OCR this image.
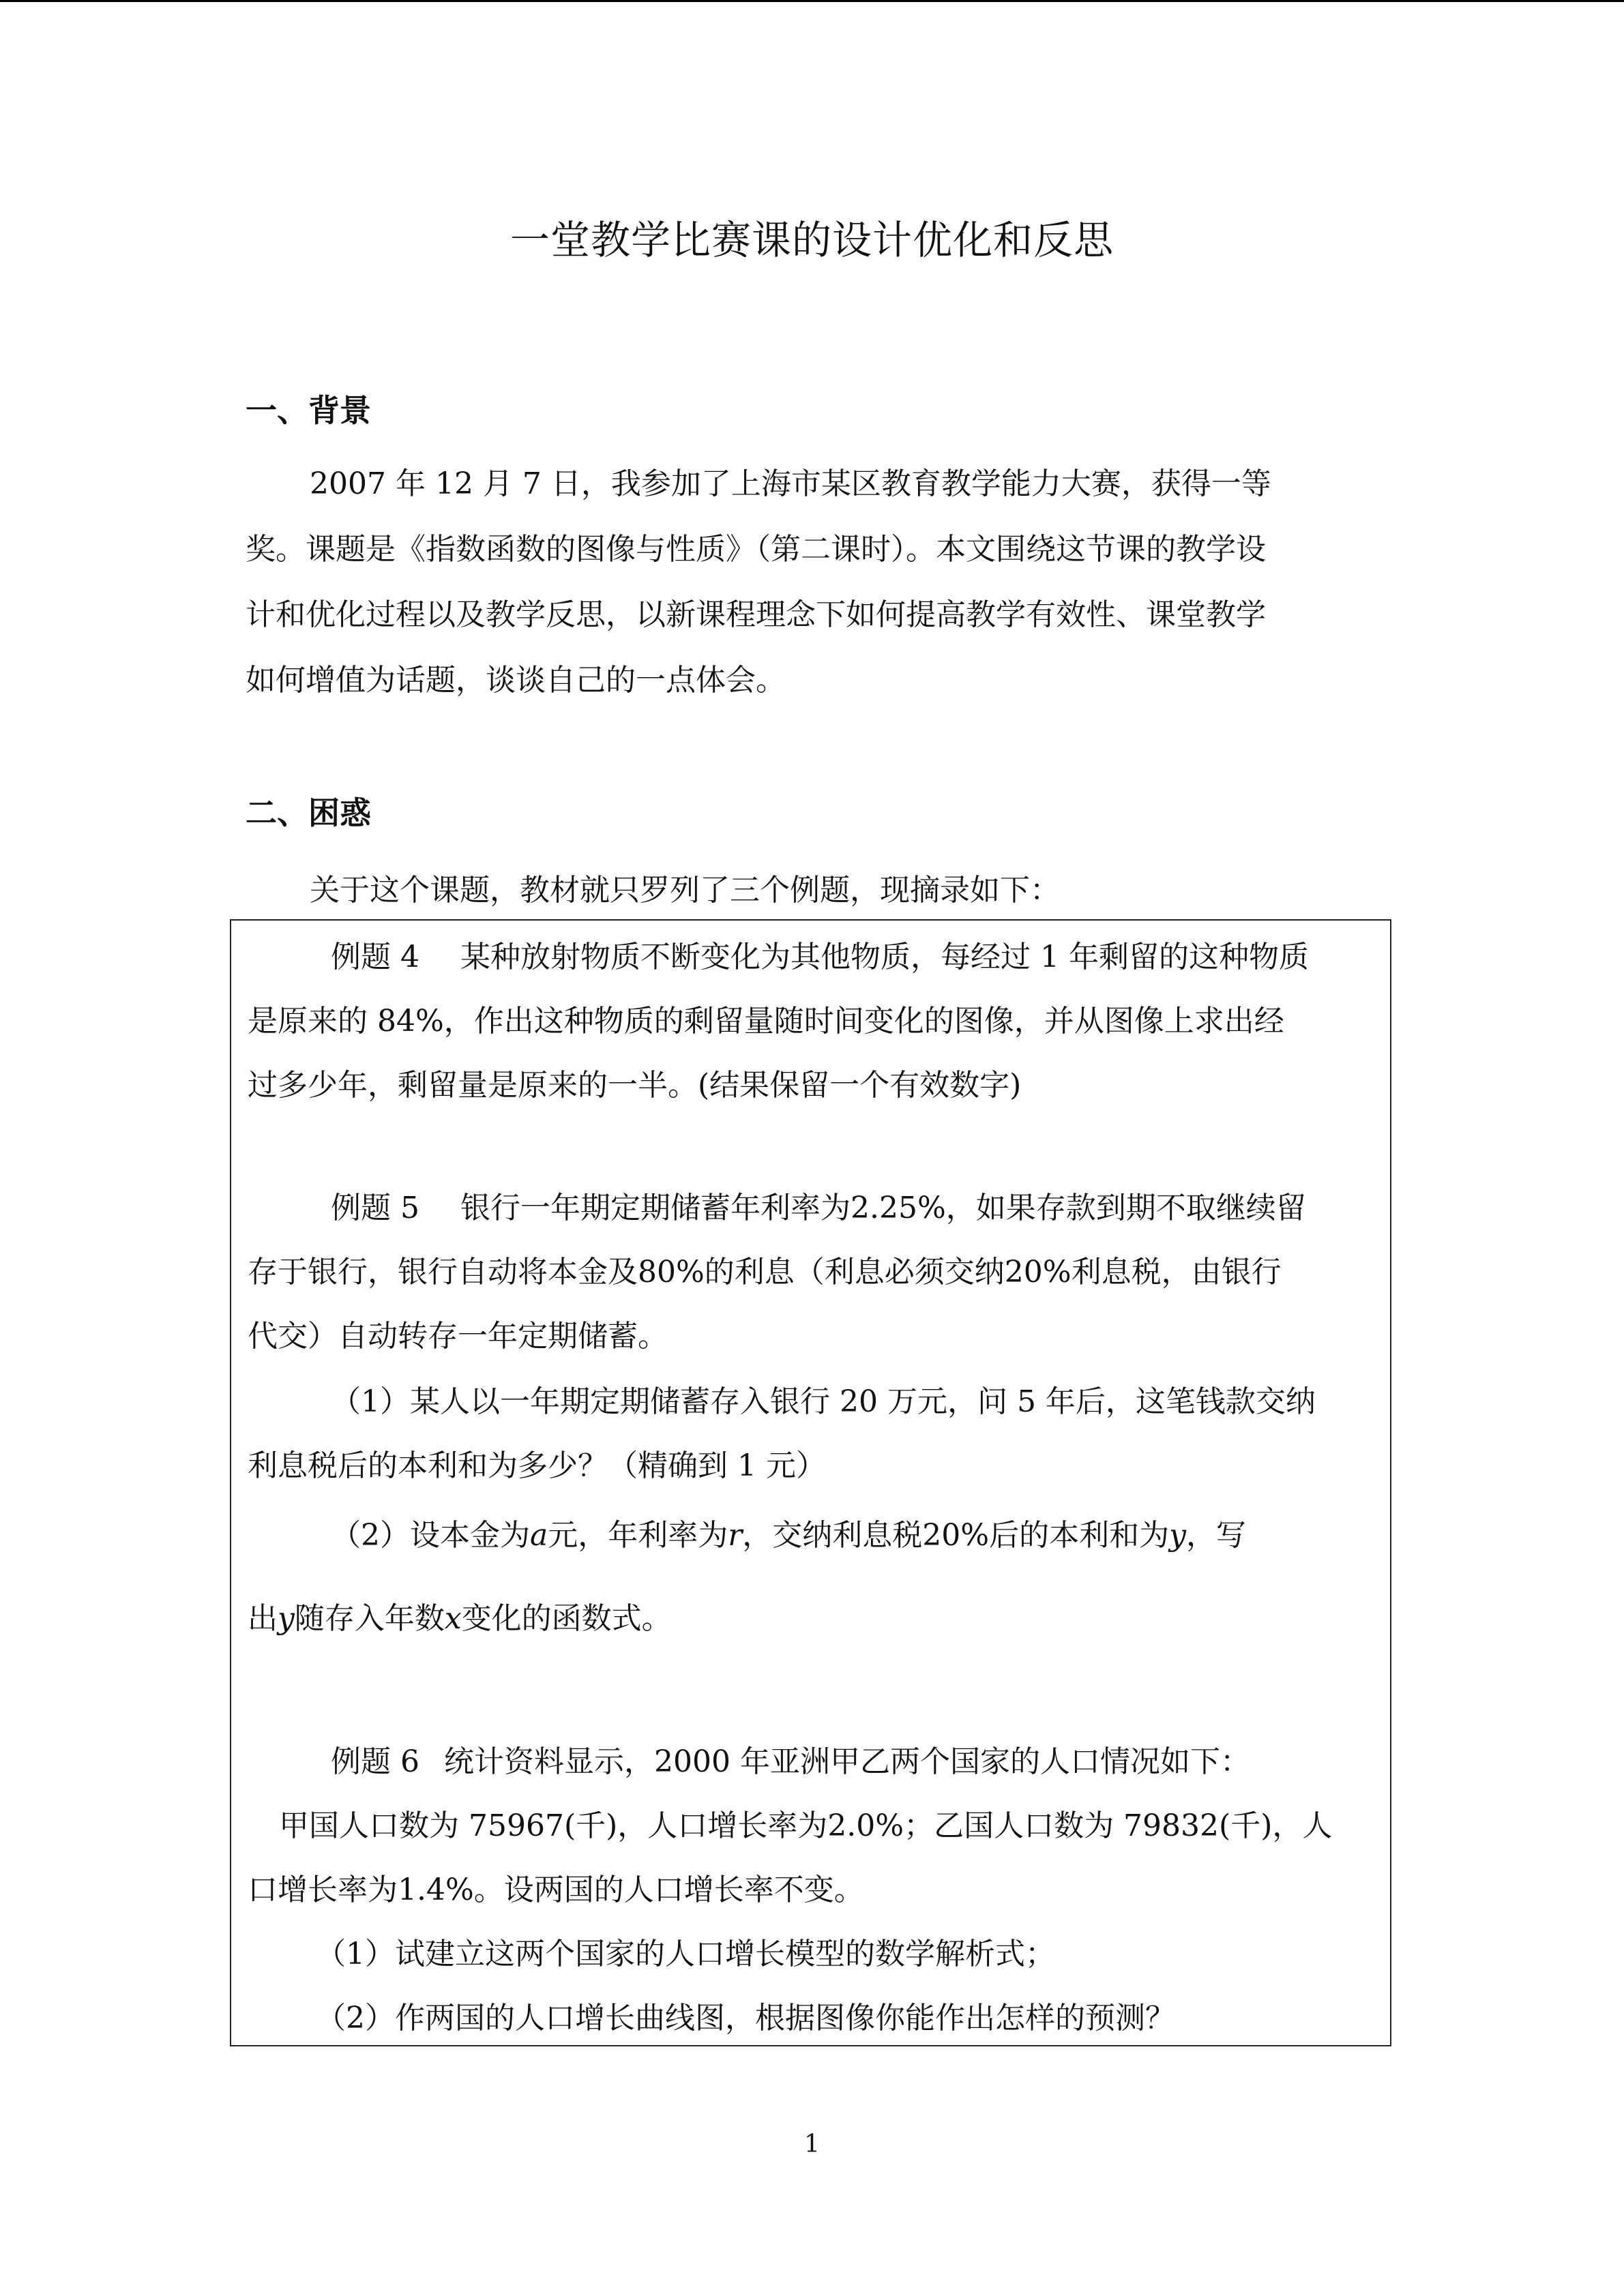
一堂教学比赛课的设计优化和反思
一、背景
2007 年 12 月 7 日，我参加了上海市某区教育教学能力大赛，获得一等
奖。课题是《指数函数的图像与性质》（第二课时）。本文围绕这节课的教学设
计和优化过程以及教学反思，以新课程理念下如何提高教学有效性、课堂教学
如何增值为话题，谈谈自己的一点体会。
二、困惑
关于这个课题，教材就只罗列了三个例题，现摘录如下：
例题 4 某种放射物质不断变化为其他物质，每经过 1 年剩留的这种物质
是原来的 84%，作出这种物质的剩留量随时间变化的图像，并从图像上求出经
过多少年，剩留量是原来的一半。(结果保留一个有效数字)
例题 5 银行一年期定期储蓄年利率为2.25%，如果存款到期不取继续留
存于银行，银行自动将本金及80%的利息（利息必须交纳20%利息税，由银行
代交）自动转存一年定期储蓄。
（1）某人以一年期定期储蓄存入银行 20 万元，问 5 年后，这笔钱款交纳
利息税后的本利和为多少？（精确到 1 元）
（2）设本金为a元，年利率为r，交纳利息税20%后的本利和为y，写
出y随存入年数x变化的函数式。
例题 6 统计资料显示，2000 年亚洲甲乙两个国家的人口情况如下：
甲国人口数为 75967(千)，人口增长率为2.0%；乙国人口数为 79832(千)，人
口增长率为1.4%。设两国的人口增长率不变。
（1）试建立这两个国家的人口增长模型的数学解析式；
（2）作两国的人口增长曲线图，根据图像你能作出怎样的预测？
1
